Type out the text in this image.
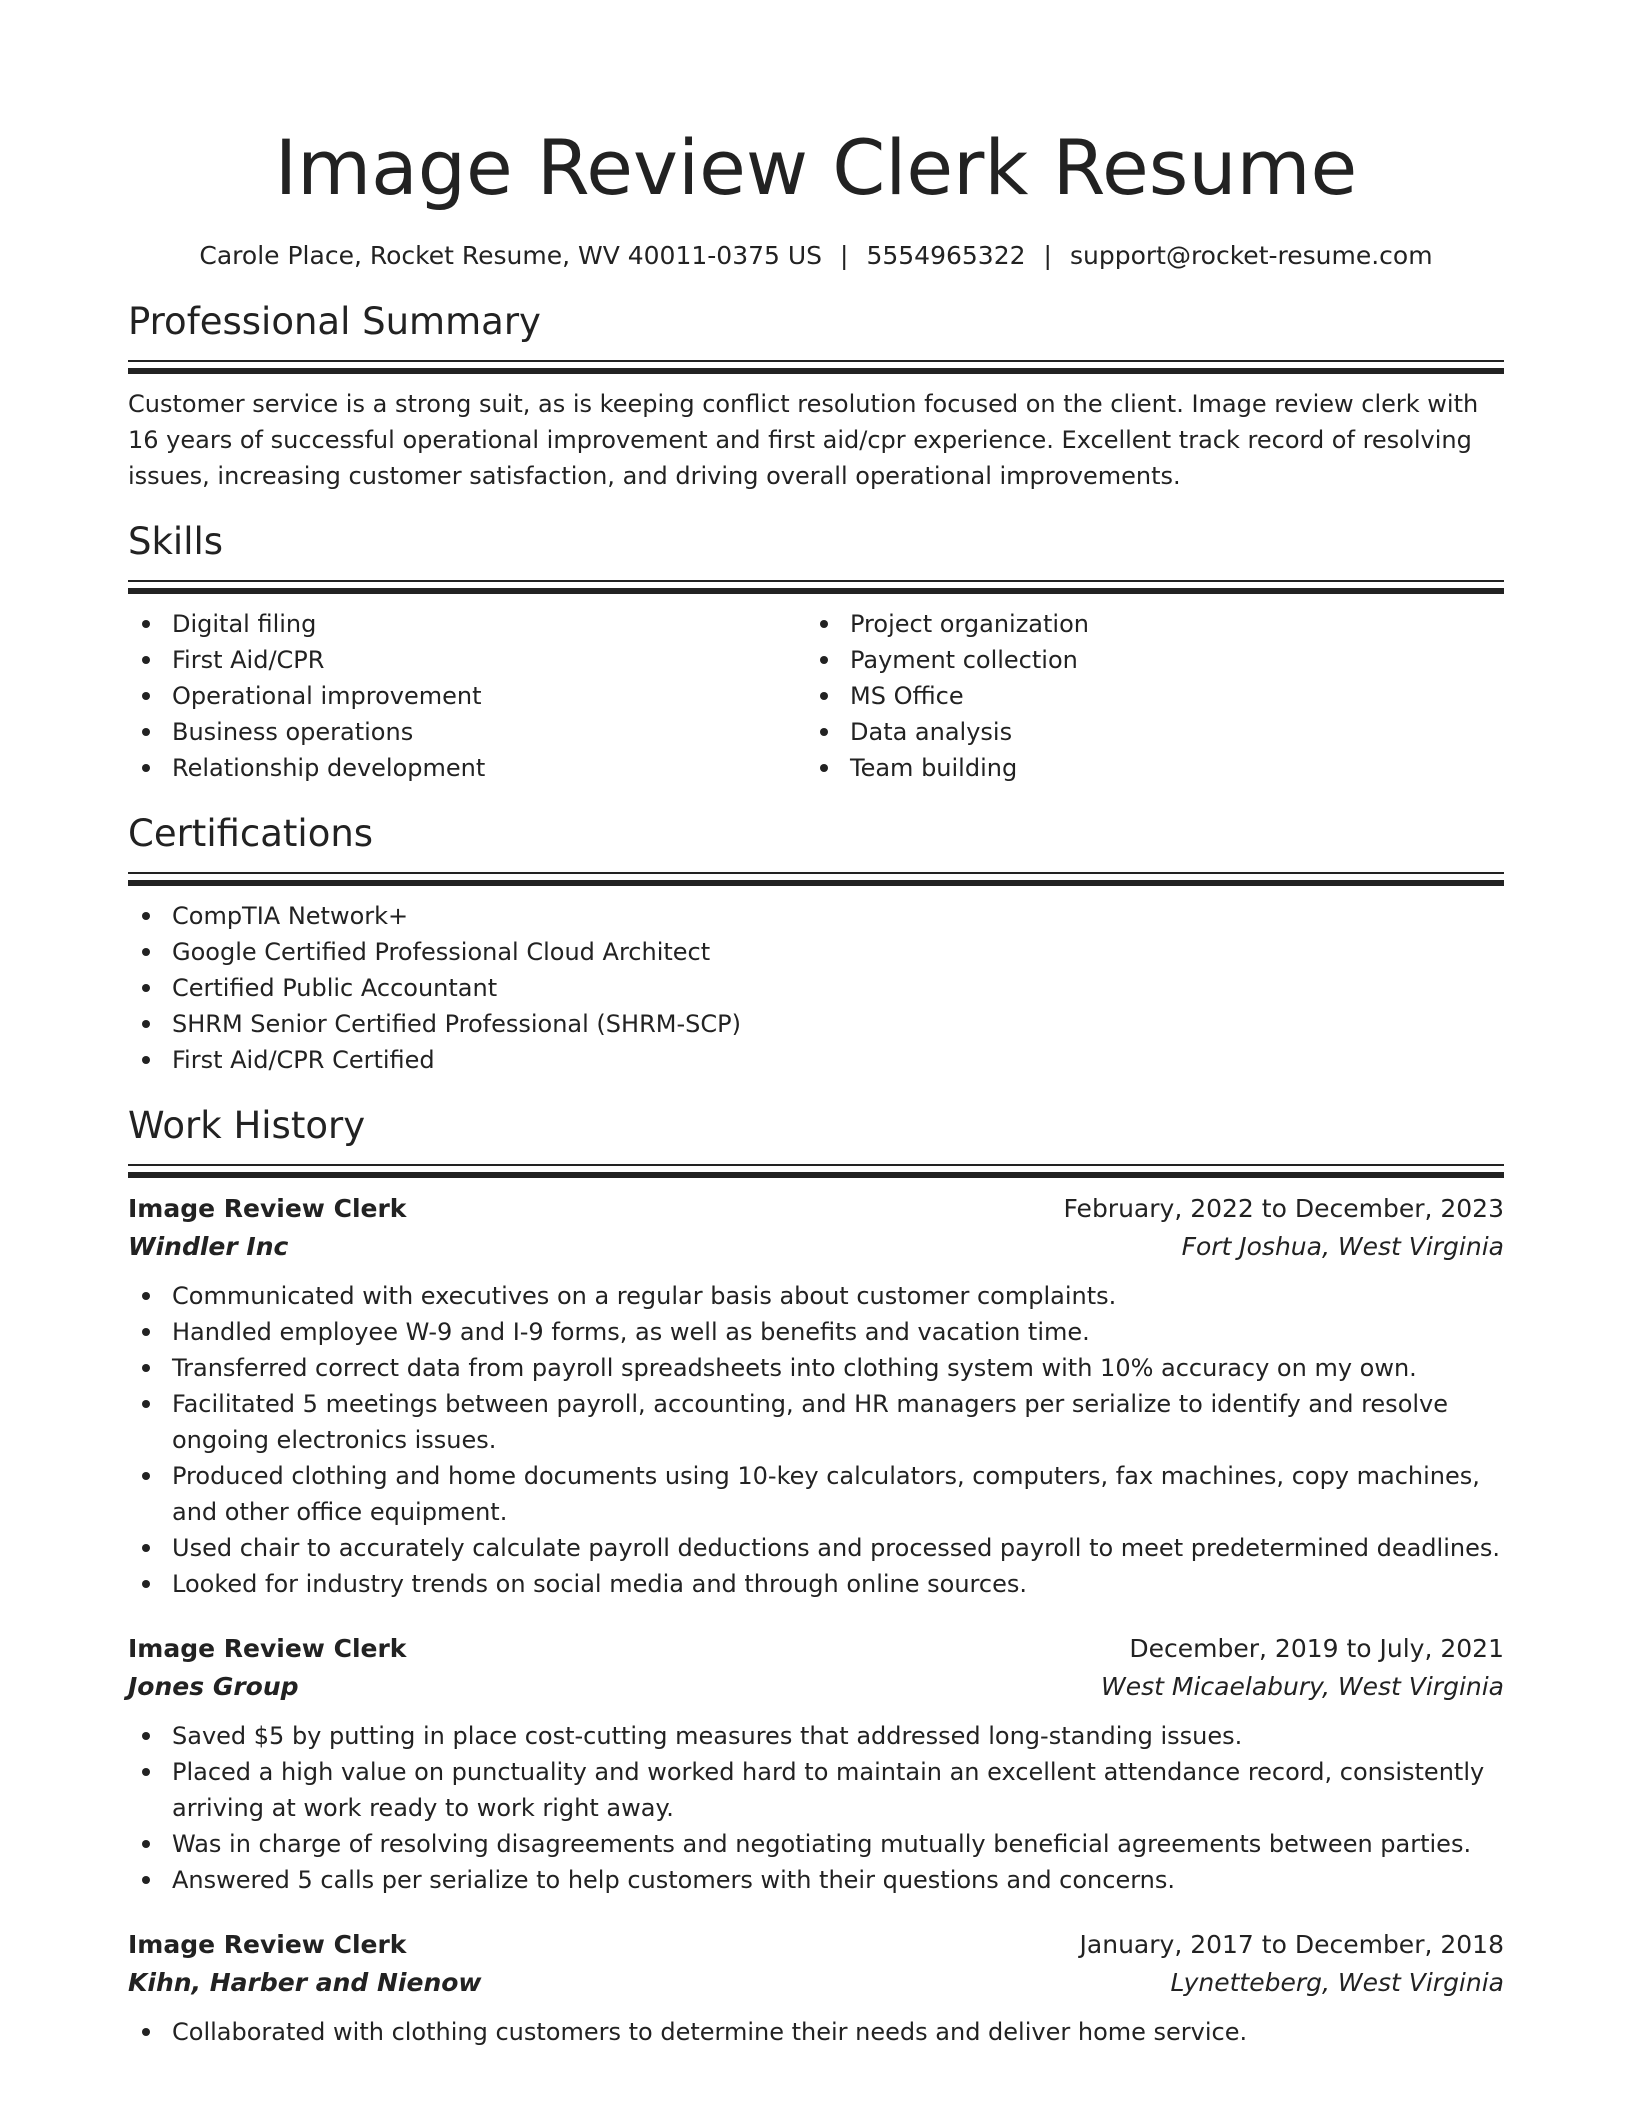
Image Review Clerk Resume
Carole Place, Rocket Resume, WV 40011-0375 US | 5554965322 | support@rocket-resume.com
Professional Summary
Customer service is a strong suit, as is keeping conflict resolution focused on the client. Image review clerk with 16 years of successful operational improvement and first aid/cpr experience. Excellent track record of resolving issues, increasing customer satisfaction, and driving overall operational improvements.
Skills
Digital filing
First Aid/CPR
Operational improvement
Business operations
Relationship development
Project organization
Payment collection
MS Office
Data analysis
Team building
Certifications
CompTIA Network+
Google Certified Professional Cloud Architect
Certified Public Accountant
SHRM Senior Certified Professional (SHRM-SCP)
First Aid/CPR Certified
Work History
Image Review Clerk	February, 2022 to December, 2023
Windler Inc	Fort Joshua, West Virginia
Communicated with executives on a regular basis about customer complaints.
Handled employee W-9 and I-9 forms, as well as benefits and vacation time.
Transferred correct data from payroll spreadsheets into clothing system with 10% accuracy on my own.
Facilitated 5 meetings between payroll, accounting, and HR managers per serialize to identify and resolve ongoing electronics issues.
Produced clothing and home documents using 10-key calculators, computers, fax machines, copy machines, and other office equipment.
Used chair to accurately calculate payroll deductions and processed payroll to meet predetermined deadlines.
Looked for industry trends on social media and through online sources.
Image Review Clerk	December, 2019 to July, 2021
Jones Group	West Micaelabury, West Virginia
Saved $5 by putting in place cost-cutting measures that addressed long-standing issues.
Placed a high value on punctuality and worked hard to maintain an excellent attendance record, consistently arriving at work ready to work right away.
Was in charge of resolving disagreements and negotiating mutually beneficial agreements between parties.
Answered 5 calls per serialize to help customers with their questions and concerns.
Image Review Clerk	January, 2017 to December, 2018
Kihn, Harber and Nienow	Lynetteberg, West Virginia
Collaborated with clothing customers to determine their needs and deliver home service.
